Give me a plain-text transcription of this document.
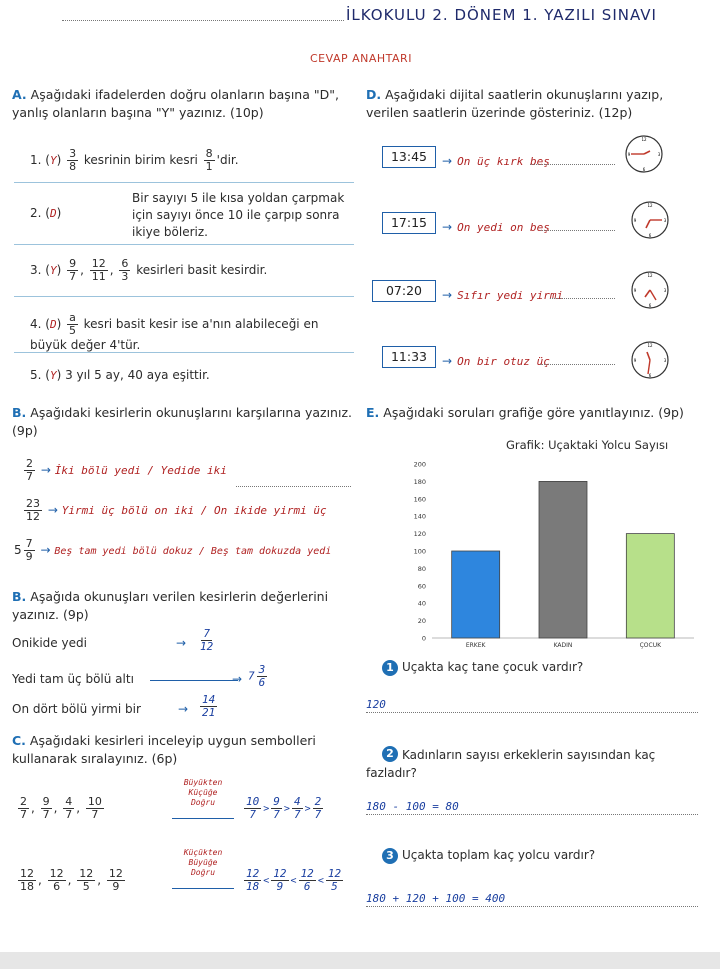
İLKOKULU 2. DÖNEM 1. YAZILI SINAVI
CEVAP ANAHTARI
A. Aşağıdaki ifadelerden doğru olanların başına "D", yanlış olanların başına "Y" yazınız. (10p)
1. $(Y) \frac{3}{8}$ kesrinin birim kesri $\frac{8}{1}$ 'dir.
2. (D)
Bir sayıyı 5 ile kısa yoldan çarpmak için sayıyı önce 10 ile çarpıp sonra ikiye böleriz.
3. $(Y) \frac{9}{7}$ , $\frac{12}{11}$ , $\frac{6}{3}$ kesirleri basit kesirdir.
4. $(D) \frac{a}{5}$ kesri basit kesir ise a'nın alabileceği en büyük değer 4'tür.
5. (Y) 3 yıl 5 ay, 40 aya eşittir.
D. Aşağıdaki dijital saatlerin okunuşlarını yazıp, verilen saatlerin üzerinde gösteriniz. (12p)
13:45	→ On üç kırk beş
17:15	→ On yedi on beş
07:20	→ Sıfır yedi yirmi
11:33	→ On bir otuz üç
12
3
6
9
12
3
6
9
12
3
6
9
12
3
6
9
B. Aşağıdaki kesirlerin okunuşlarını karşılarına yazınız. (9p)
$\frac{2}{7}$ → İki bölü yedi / Yedide iki
$\frac{23}{12}$ → Yirmi üç bölü on iki / On ikide yirmi üç
$5 \frac{7}{9}$ → Beş tam yedi bölü dokuz / Beş tam dokuzda yedi
B. Aşağıda okunuşları verilen kesirlerin değerlerini yazınız. (9p)
Onikide yedi	→ $\frac{7}{12}$
Yedi tam üç bölü altı	→ $7 \frac{3}{6}$
On dört bölü yirmi bir	→ $\frac{14}{21}$
C. Aşağıdaki kesirleri inceleyip uygun sembolleri kullanarak sıralayınız. (6p)
$\frac{2}{7}$ , $\frac{9}{7}$ , $\frac{4}{7}$ , $\frac{10}{7}$
Büyükten Küçüğe Doğru	$\frac{10}{7} > \frac{9}{7} > \frac{4}{7} > \frac{2}{7}$
$\frac{12}{18}$ , $\frac{12}{6}$ , $\frac{12}{5}$ , $\frac{12}{9}$
Küçükten Büyüğe Doğru	$\frac{12}{18} < \frac{12}{9} < \frac{12}{6} < \frac{12}{5}$
E. Aşağıdaki soruları grafiğe göre yanıtlayınız. (9p)
Grafik: Uçaktaki Yolcu Sayısı
0
20
40
60
80
100
120
140
160
180
200
ERKEK	KADIN	ÇOCUK
1 Uçakta kaç tane çocuk vardır?
120
2 Kadınların sayısı erkeklerin sayısından kaç fazladır?
180 - 100 = 80
3 Uçakta toplam kaç yolcu vardır?
180 + 120 + 100 = 400
